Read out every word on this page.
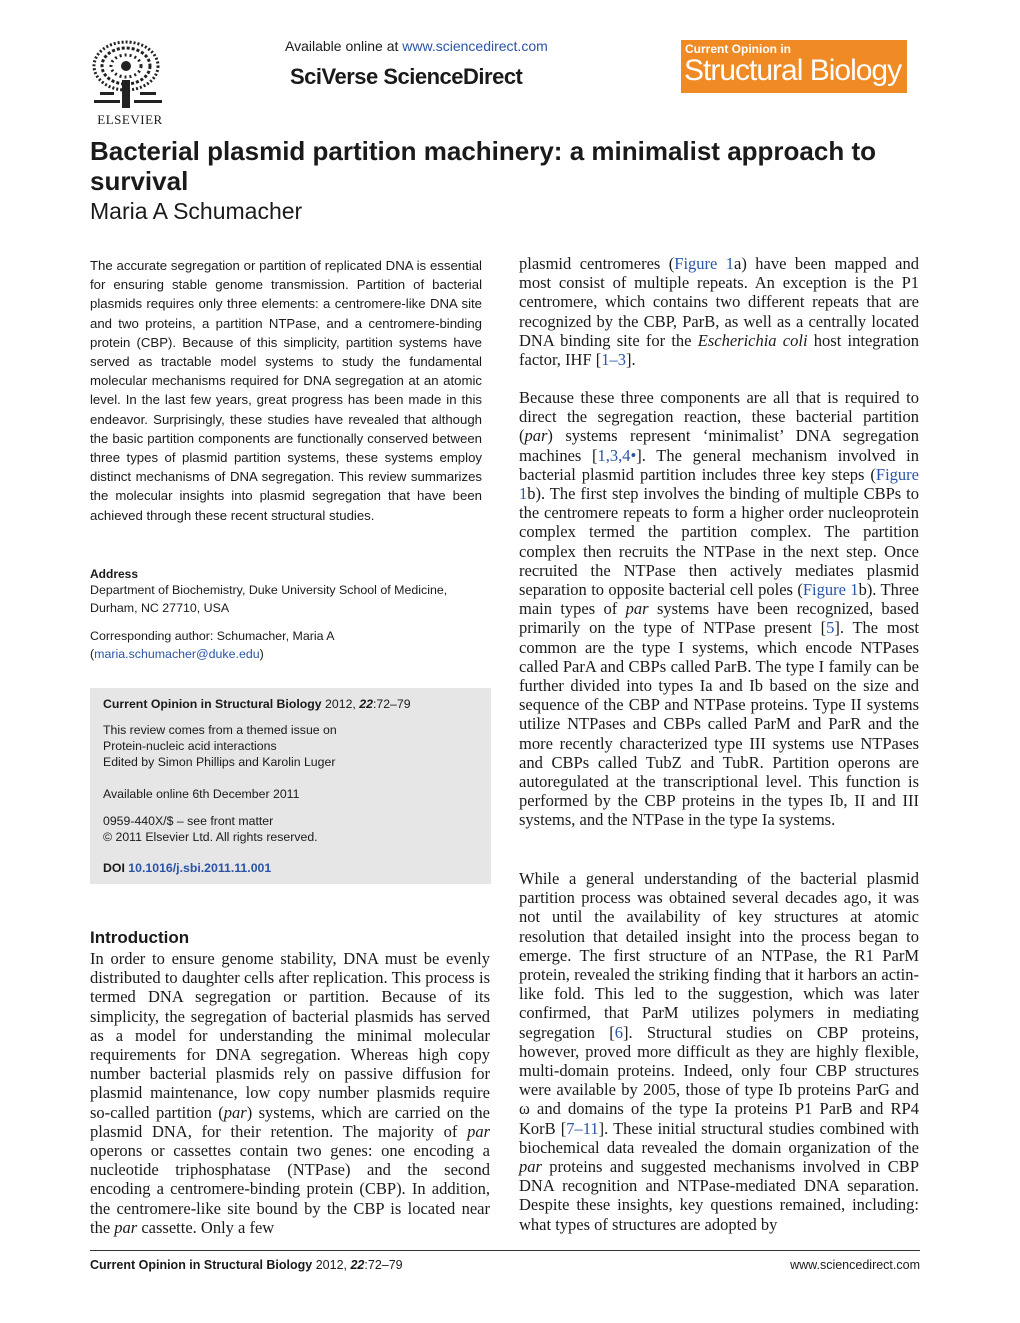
ELSEVIER
Available online at www.sciencedirect.com
SciVerse ScienceDirect
Current Opinion in
Structural Biology
Bacterial plasmid partition machinery: a minimalist approach to survival
Maria A Schumacher
The accurate segregation or partition of replicated DNA is essential for ensuring stable genome transmission. Partition of bacterial plasmids requires only three elements: a centromere-like DNA site and two proteins, a partition NTPase, and a centromere-binding protein (CBP). Because of this simplicity, partition systems have served as tractable model systems to study the fundamental molecular mechanisms required for DNA segregation at an atomic level. In the last few years, great progress has been made in this endeavor. Surprisingly, these studies have revealed that although the basic partition components are functionally conserved between three types of plasmid partition systems, these systems employ distinct mechanisms of DNA segregation. This review summarizes the molecular insights into plasmid segregation that have been achieved through these recent structural studies.
Address
Department of Biochemistry, Duke University School of Medicine,
Durham, NC 27710, USA
Corresponding author: Schumacher, Maria A
(maria.schumacher@duke.edu)
Current Opinion in Structural Biology 2012, 22:72–79
This review comes from a themed issue on
Protein-nucleic acid interactions
Edited by Simon Phillips and Karolin Luger
Available online 6th December 2011
0959-440X/$ – see front matter
© 2011 Elsevier Ltd. All rights reserved.
DOI 10.1016/j.sbi.2011.11.001
Introduction
In order to ensure genome stability, DNA must be evenly distributed to daughter cells after replication. This process is termed DNA segregation or partition. Because of its simplicity, the segregation of bacterial plasmids has served as a model for understanding the minimal molecular requirements for DNA segregation. Whereas high copy number bacterial plasmids rely on passive diffusion for plasmid maintenance, low copy number plasmids require so-called partition (par) systems, which are carried on the plasmid DNA, for their retention. The majority of par operons or cassettes contain two genes: one encoding a nucleotide triphosphatase (NTPase) and the second encoding a centromere-binding protein (CBP). In addition, the centromere-like site bound by the CBP is located near the par cassette. Only a few

plasmid centromeres (Figure 1a) have been mapped and most consist of multiple repeats. An exception is the P1 centromere, which contains two different repeats that are recognized by the CBP, ParB, as well as a centrally located DNA binding site for the Escherichia coli host integration factor, IHF [1–3].

Because these three components are all that is required to direct the segregation reaction, these bacterial partition (par) systems represent ‘minimalist’ DNA segregation machines [1,3,4•]. The general mechanism involved in bacterial plasmid partition includes three key steps (Figure 1b). The first step involves the binding of multiple CBPs to the centromere repeats to form a higher order nucleoprotein complex termed the partition complex. The partition complex then recruits the NTPase in the next step. Once recruited the NTPase then actively mediates plasmid separation to opposite bacterial cell poles (Figure 1b). Three main types of par systems have been recognized, based primarily on the type of NTPase present [5]. The most common are the type I systems, which encode NTPases called ParA and CBPs called ParB. The type I family can be further divided into types Ia and Ib based on the size and sequence of the CBP and NTPase proteins. Type II systems utilize NTPases and CBPs called ParM and ParR and the more recently characterized type III systems use NTPases and CBPs called TubZ and TubR. Partition operons are autoregulated at the transcriptional level. This function is performed by the CBP proteins in the types Ib, II and III systems, and the NTPase in the type Ia systems.

While a general understanding of the bacterial plasmid partition process was obtained several decades ago, it was not until the availability of key structures at atomic resolution that detailed insight into the process began to emerge. The first structure of an NTPase, the R1 ParM protein, revealed the striking finding that it harbors an actin-like fold. This led to the suggestion, which was later confirmed, that ParM utilizes polymers in mediating segregation [6]. Structural studies on CBP proteins, however, proved more difficult as they are highly flexible, multi-domain proteins. Indeed, only four CBP structures were available by 2005, those of type Ib proteins ParG and ω and domains of the type Ia proteins P1 ParB and RP4 KorB [7–11]. These initial structural studies combined with biochemical data revealed the domain organization of the par proteins and suggested mechanisms involved in CBP DNA recognition and NTPase-mediated DNA separation. Despite these insights, key questions remained, including: what types of structures are adopted by

Current Opinion in Structural Biology 2012, 22:72–79	www.sciencedirect.com
